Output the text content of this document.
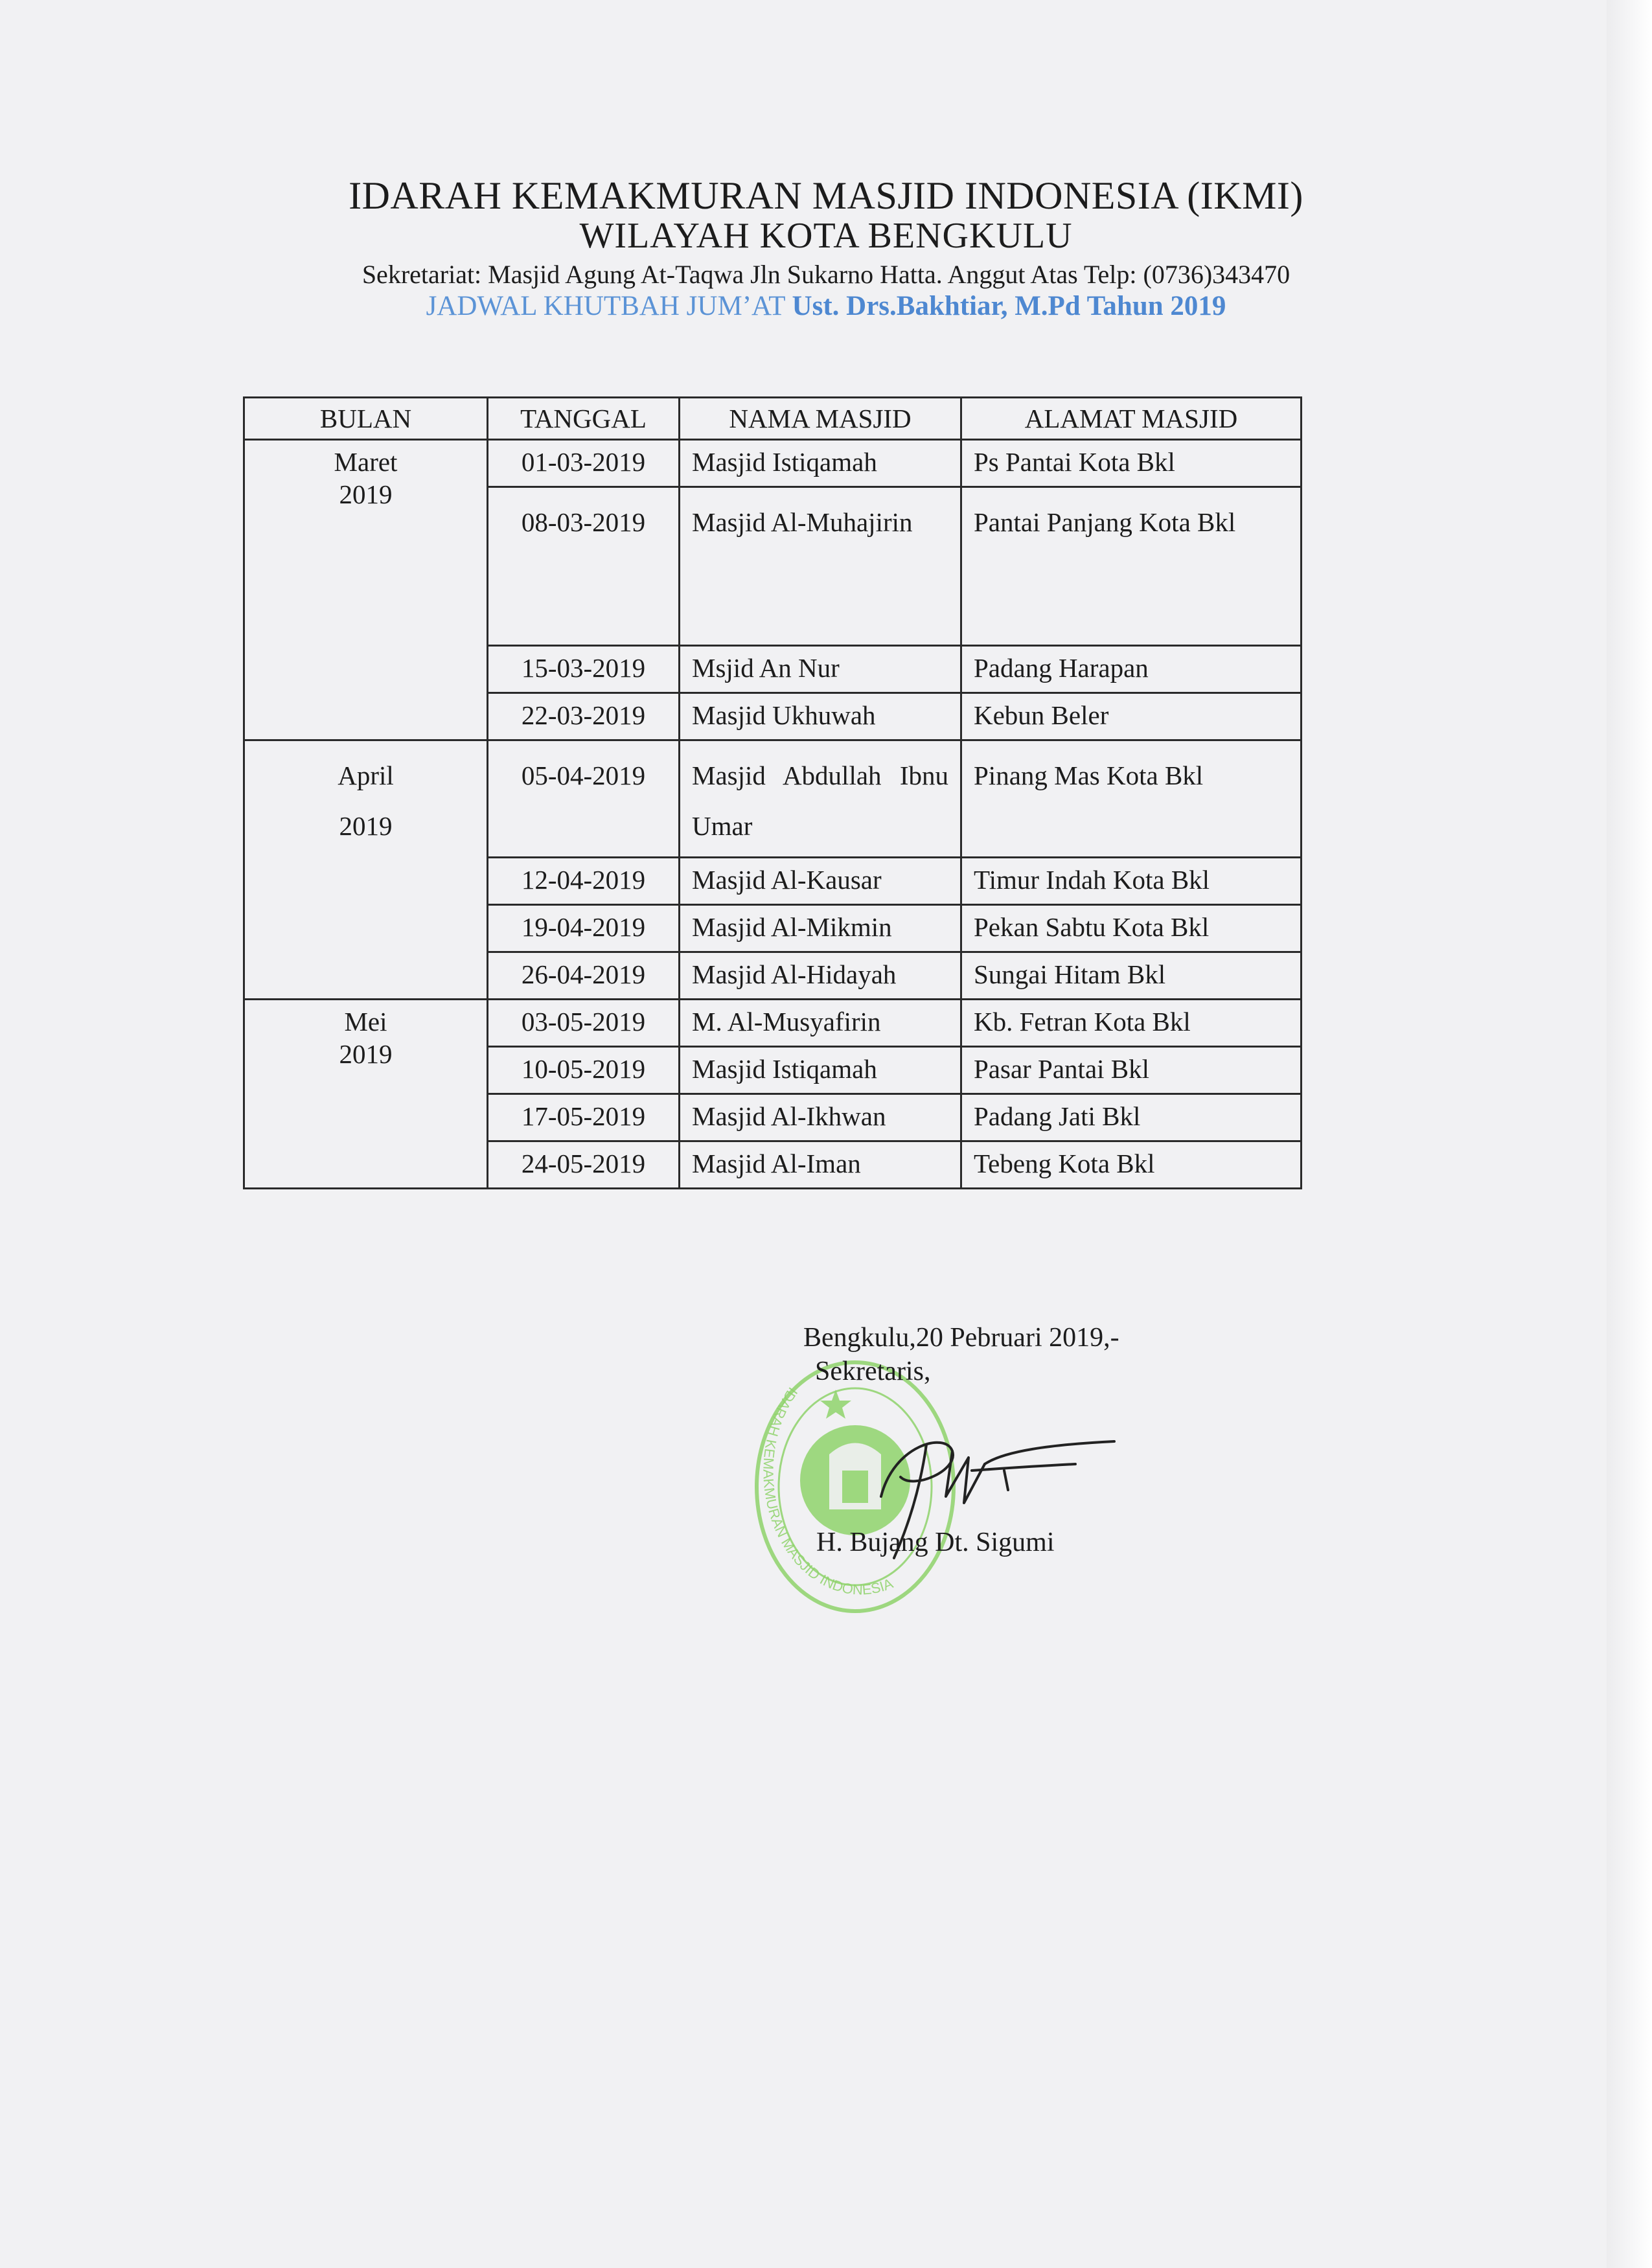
IDARAH KEMAKMURAN MASJID INDONESIA (IKMI)
WILAYAH KOTA BENGKULU
Sekretariat: Masjid Agung At-Taqwa Jln Sukarno Hatta. Anggut Atas Telp: (0736)343470
JADWAL KHUTBAH JUM’AT Ust. Drs.Bakhtiar, M.Pd Tahun 2019
BULAN	TANGGAL	NAMA MASJID	ALAMAT MASJID

Maret
2019	01-03-2019	Masjid Istiqamah	Ps Pantai Kota Bkl
	08-03-2019	Masjid Al-Muhajirin	Pantai Panjang Kota Bkl
	15-03-2019	Msjid An Nur	Padang Harapan
	22-03-2019	Masjid Ukhuwah	Kebun Beler

April
2019	05-04-2019	Masjid Abdullah Ibnu Umar	Pinang Mas Kota Bkl
	12-04-2019	Masjid Al-Kausar	Timur Indah Kota Bkl
	19-04-2019	Masjid Al-Mikmin	Pekan Sabtu Kota Bkl
	26-04-2019	Masjid Al-Hidayah	Sungai Hitam Bkl

Mei
2019	03-05-2019	M. Al-Musyafirin	Kb. Fetran Kota Bkl
	10-05-2019	Masjid Istiqamah	Pasar Pantai Bkl
	17-05-2019	Masjid Al-Ikhwan	Padang Jati Bkl
	24-05-2019	Masjid Al-Iman	Tebeng Kota Bkl
IDARAH KEMAKMURAN MASJID INDONESIA
Bengkulu,20 Pebruari 2019,-
Sekretaris,
H. Bujang Dt. Sigumi
